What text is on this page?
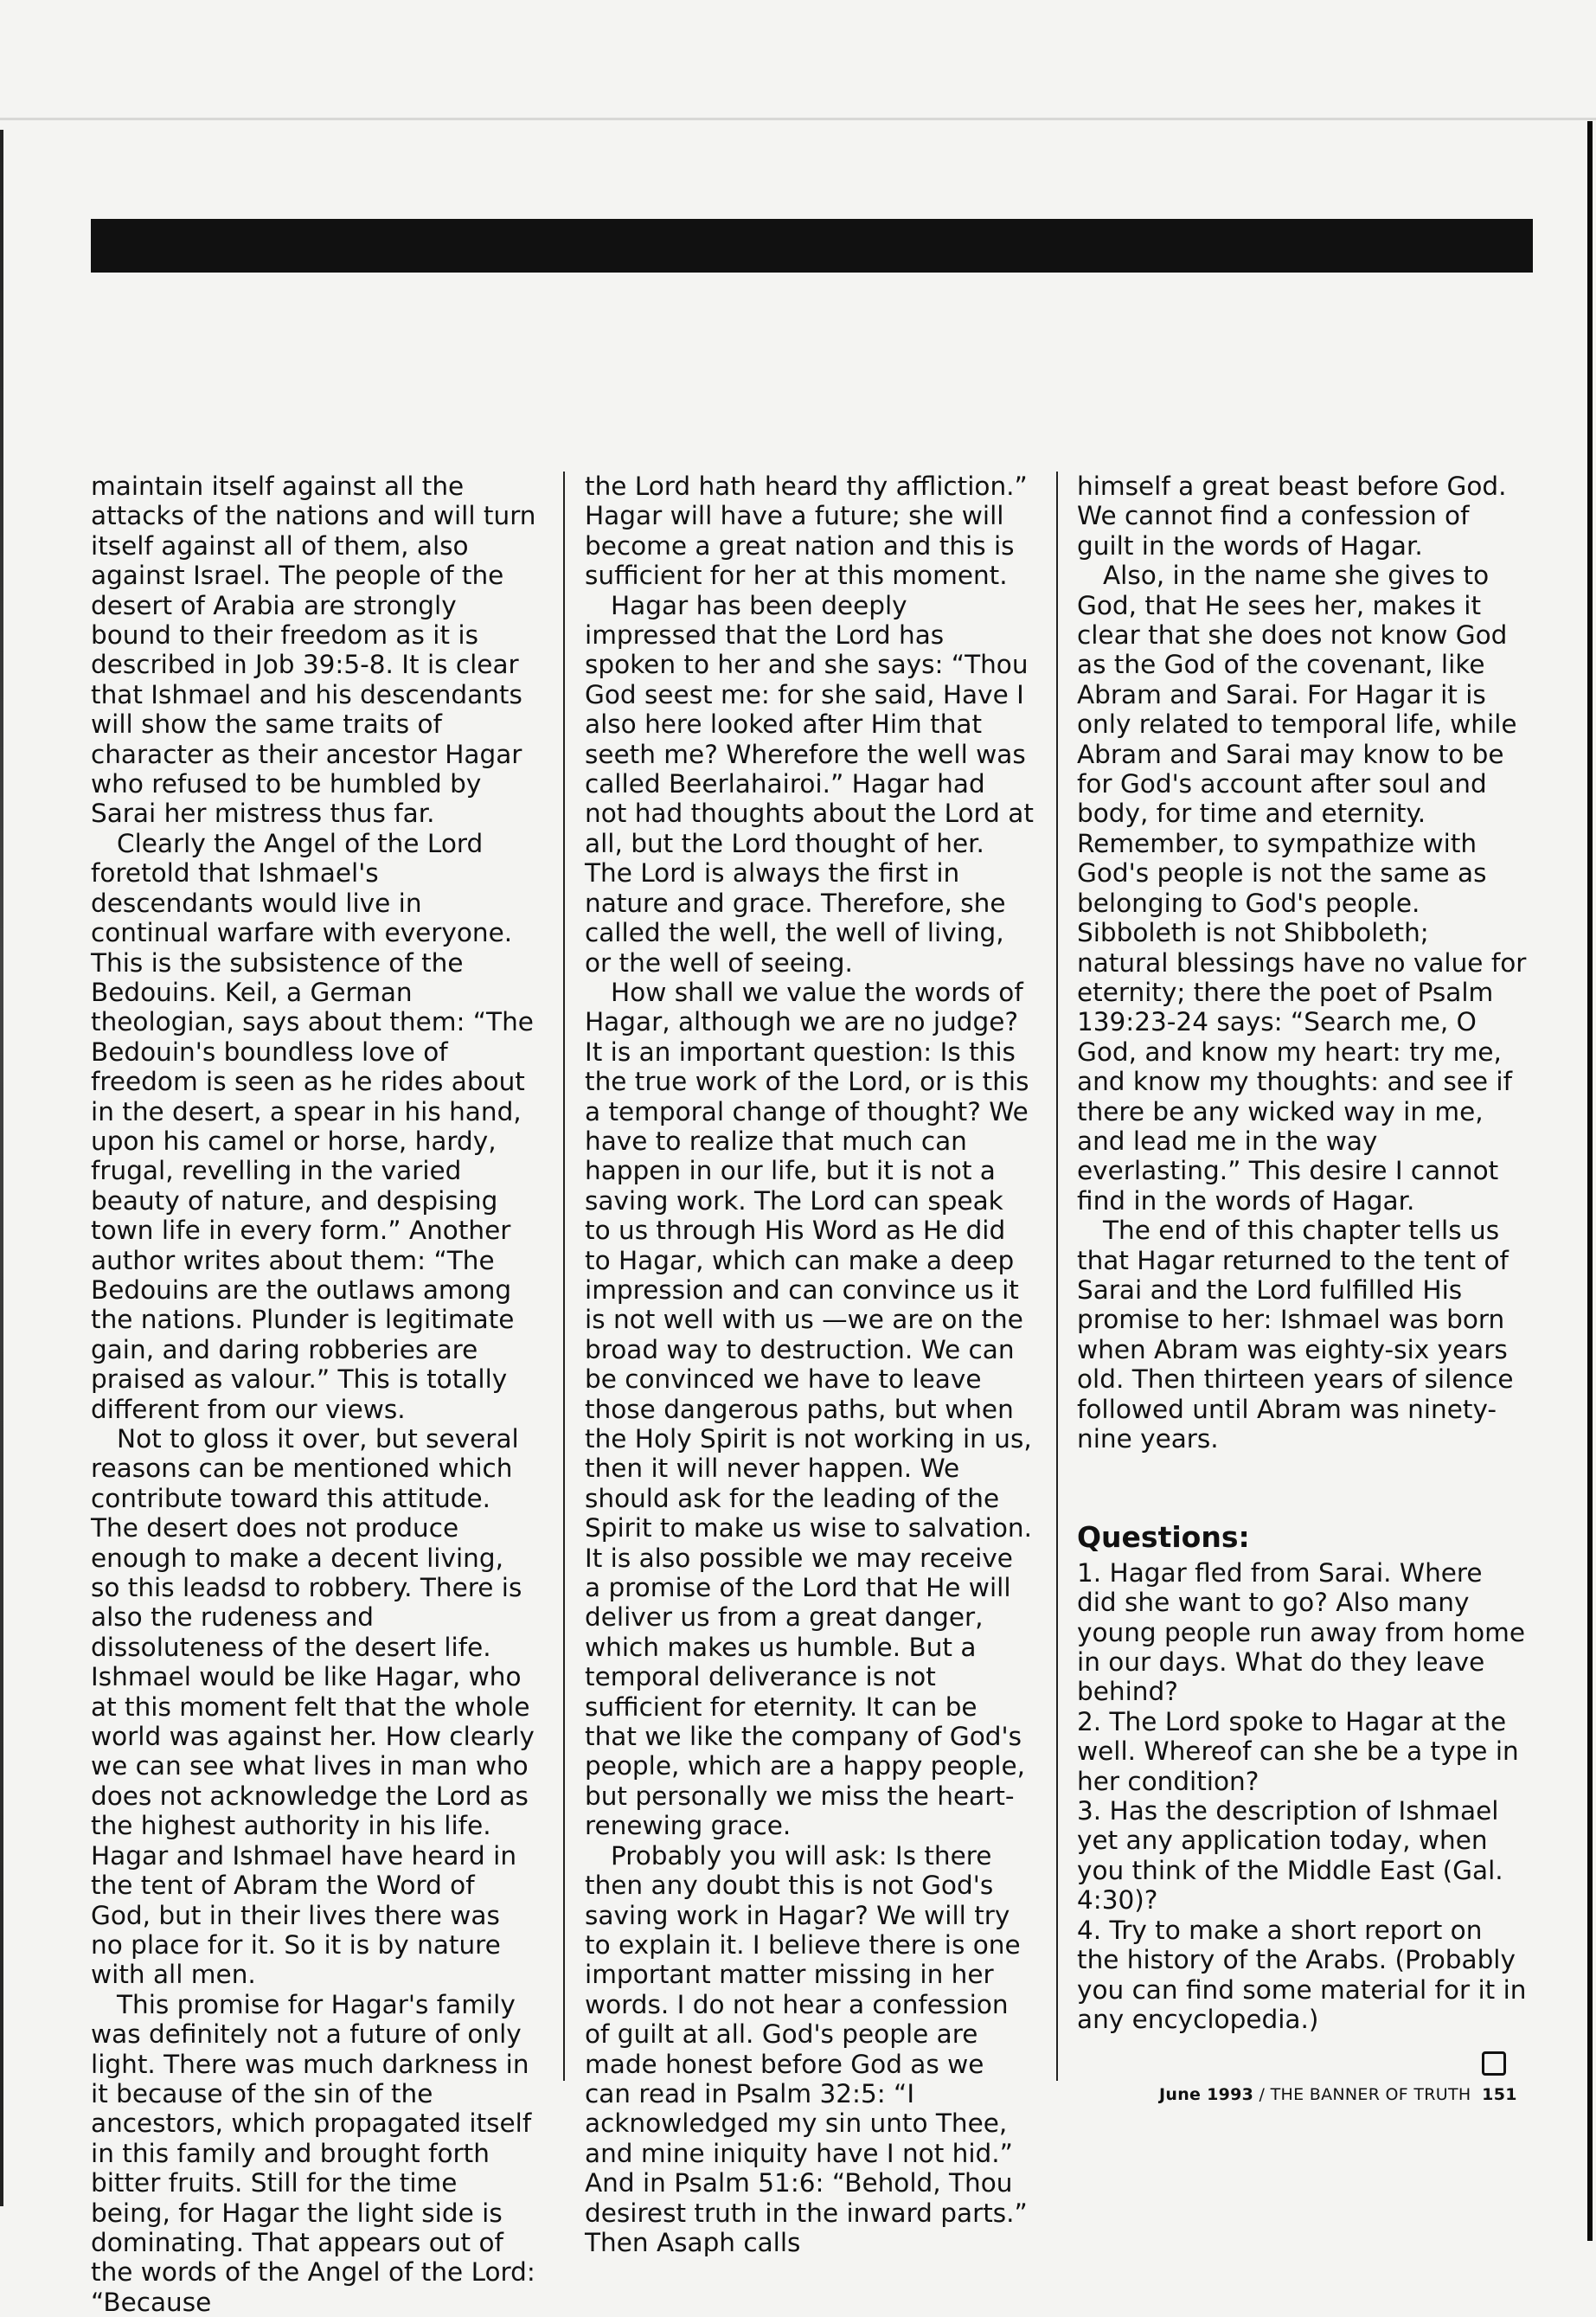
maintain itself against all the attacks of the nations and will turn itself against all of them, also against Israel. The people of the desert of Arabia are strongly bound to their freedom as it is described in Job 39:5-8. It is clear that Ishmael and his descendants will show the same traits of character as their ancestor Hagar who refused to be humbled by Sarai her mistress thus far.

Clearly the Angel of the Lord foretold that Ishmael's descendants would live in continual warfare with everyone. This is the subsistence of the Bedouins. Keil, a German theologian, says about them: “The Bedouin's boundless love of freedom is seen as he rides about in the desert, a spear in his hand, upon his camel or horse, hardy, frugal, revelling in the varied beauty of nature, and despising town life in every form.” Another author writes about them: “The Bedouins are the outlaws among the nations. Plunder is legitimate gain, and daring robberies are praised as valour.” This is totally different from our views.

Not to gloss it over, but several reasons can be mentioned which contribute toward this attitude. The desert does not produce enough to make a decent living, so this leadsd to robbery. There is also the rudeness and dissoluteness of the desert life. Ishmael would be like Hagar, who at this moment felt that the whole world was against her. How clearly we can see what lives in man who does not acknowledge the Lord as the highest authority in his life. Hagar and Ishmael have heard in the tent of Abram the Word of God, but in their lives there was no place for it. So it is by nature with all men.

This promise for Hagar's family was definitely not a future of only light. There was much darkness in it because of the sin of the ancestors, which propagated itself in this family and brought forth bitter fruits. Still for the time being, for Hagar the light side is dominating. That appears out of the words of the Angel of the Lord: “Because

the Lord hath heard thy affliction.” Hagar will have a future; she will become a great nation and this is sufficient for her at this moment.

Hagar has been deeply impressed that the Lord has spoken to her and she says: “Thou God seest me: for she said, Have I also here looked after Him that seeth me? Wherefore the well was called Beerlahairoi.” Hagar had not had thoughts about the Lord at all, but the Lord thought of her. The Lord is always the first in nature and grace. Therefore, she called the well, the well of living, or the well of seeing.

How shall we value the words of Hagar, although we are no judge? It is an important question: Is this the true work of the Lord, or is this a temporal change of thought? We have to realize that much can happen in our life, but it is not a saving work. The Lord can speak to us through His Word as He did to Hagar, which can make a deep impression and can convince us it is not well with us —we are on the broad way to destruction. We can be convinced we have to leave those dangerous paths, but when the Holy Spirit is not working in us, then it will never happen. We should ask for the leading of the Spirit to make us wise to salvation. It is also possible we may receive a promise of the Lord that He will deliver us from a great danger, which makes us humble. But a temporal deliverance is not sufficient for eternity. It can be that we like the company of God's people, which are a happy people, but personally we miss the heart-renewing grace.

Probably you will ask: Is there then any doubt this is not God's saving work in Hagar? We will try to explain it. I believe there is one important matter missing in her words. I do not hear a confession of guilt at all. God's people are made honest before God as we can read in Psalm 32:5: “I acknowledged my sin unto Thee, and mine iniquity have I not hid.” And in Psalm 51:6: “Behold, Thou desirest truth in the inward parts.” Then Asaph calls

himself a great beast before God. We cannot find a confession of guilt in the words of Hagar.

Also, in the name she gives to God, that He sees her, makes it clear that she does not know God as the God of the covenant, like Abram and Sarai. For Hagar it is only related to temporal life, while Abram and Sarai may know to be for God's account after soul and body, for time and eternity. Remember, to sympathize with God's people is not the same as belonging to God's people. Sibboleth is not Shibboleth; natural blessings have no value for eternity; there the poet of Psalm 139:23-24 says: “Search me, O God, and know my heart: try me, and know my thoughts: and see if there be any wicked way in me, and lead me in the way everlasting.” This desire I cannot find in the words of Hagar.

The end of this chapter tells us that Hagar returned to the tent of Sarai and the Lord fulfilled His promise to her: Ishmael was born when Abram was eighty-six years old. Then thirteen years of silence followed until Abram was ninety-nine years.

Questions:

1. Hagar fled from Sarai. Where did she want to go? Also many young people run away from home in our days. What do they leave behind?

2. The Lord spoke to Hagar at the well. Whereof can she be a type in her condition?

3. Has the description of Ishmael yet any application today, when you think of the Middle East (Gal. 4:30)?

4. Try to make a short report on the history of the Arabs. (Probably you can find some material for it in any encyclopedia.)

June 1993 / THE BANNER OF TRUTH 151
